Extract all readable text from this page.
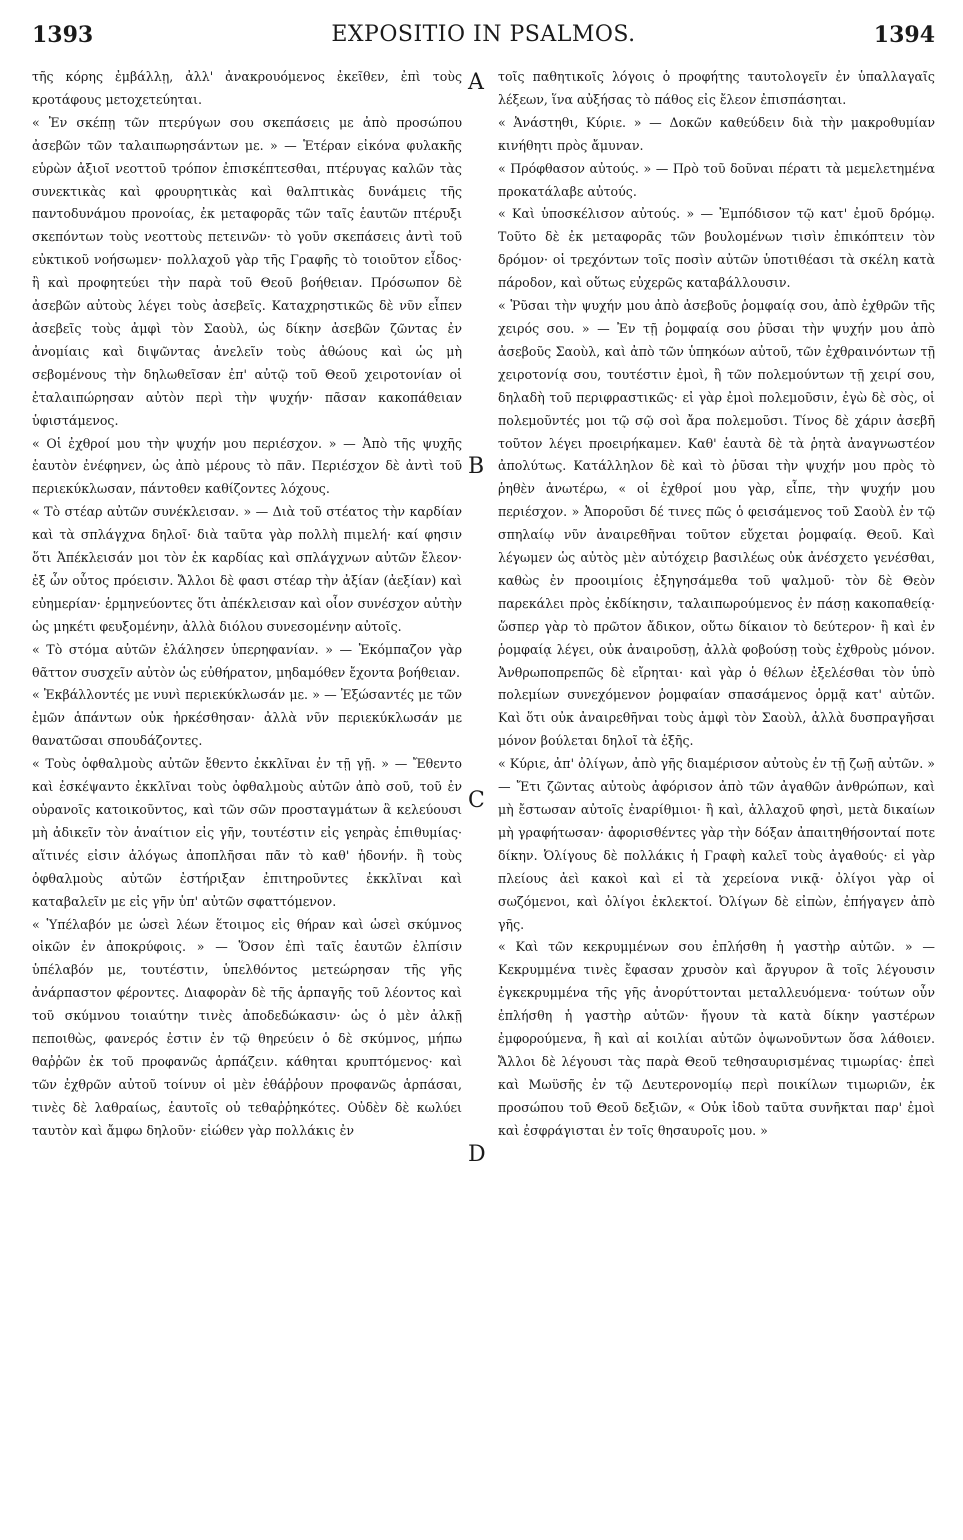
1393	EXPOSITIO IN PSALMOS.	1394

τῆς κόρης ἐμβάλλῃ, ἀλλ' ἀνακρουόμενος ἐκεῖθεν, ἐπὶ τοὺς κροτάφους μετοχετεύηται.

« Ἐν σκέπῃ τῶν πτερύγων σου σκεπάσεις με ἀπὸ προσώπου ἀσεβῶν τῶν ταλαιπωρησάντων με. » — Ἑτέραν εἰκόνα φυλακῆς εὑρὼν ἀξιοῖ νεοττοῦ τρόπον ἐπισκέπτεσθαι, πτέρυγας καλῶν τὰς συνεκτικὰς καὶ φρουρητικὰς καὶ θαλπτικὰς δυνάμεις τῆς παντοδυνάμου προνοίας, ἐκ μεταφορᾶς τῶν ταῖς ἑαυτῶν πτέρυξι σκεπόντων τοὺς νεοττοὺς πετεινῶν· τὸ γοῦν σκεπάσεις ἀντὶ τοῦ εὐκτικοῦ νοήσωμεν· πολλαχοῦ γὰρ τῆς Γραφῆς τὸ τοιοῦτον εἶδος· ἢ καὶ προφητεύει τὴν παρὰ τοῦ Θεοῦ βοήθειαν. Πρόσωπον δὲ ἀσεβῶν αὐτοὺς λέγει τοὺς ἀσεβεῖς. Καταχρηστικῶς δὲ νῦν εἶπεν ἀσεβεῖς τοὺς ἀμφὶ τὸν Σαοὺλ, ὡς δίκην ἀσεβῶν ζῶντας ἐν ἀνομίαις καὶ διψῶντας ἀνελεῖν τοὺς ἀθώους καὶ ὡς μὴ σεβομένους τὴν δηλωθεῖσαν ἐπ' αὐτῷ τοῦ Θεοῦ χειροτονίαν οἱ ἐταλαιπώρησαν αὐτὸν περὶ τὴν ψυχήν· πᾶσαν κακοπάθειαν ὑφιστάμενος.

« Οἱ ἐχθροί μου τὴν ψυχήν μου περιέσχον. » — Ἀπὸ τῆς ψυχῆς ἑαυτὸν ἐνέφηνεν, ὡς ἀπὸ μέρους τὸ πᾶν. Περιέσχον δὲ ἀντὶ τοῦ περιεκύκλωσαν, πάντοθεν καθίζοντες λόχους.

« Τὸ στέαρ αὐτῶν συνέκλεισαν. » — Διὰ τοῦ στέατος τὴν καρδίαν καὶ τὰ σπλάγχνα δηλοῖ· διὰ ταῦτα γὰρ πολλὴ πιμελή· καί φησιν ὅτι Ἀπέκλεισάν μοι τὸν ἐκ καρδίας καὶ σπλάγχνων αὐτῶν ἔλεον· ἐξ ὧν οὗτος πρόεισιν. Ἄλλοι δὲ φασι στέαρ τὴν ἀξίαν (ἀεξίαν) καὶ εὐημερίαν· ἑρμηνεύοντες ὅτι ἀπέκλεισαν καὶ οἷον συνέσχον αὐτὴν ὡς μηκέτι φευξομένην, ἀλλὰ διόλου συνεσομένην αὐτοῖς.

« Τὸ στόμα αὐτῶν ἐλάλησεν ὑπερηφανίαν. » — Ἐκόμπαζον γὰρ θᾶττον συσχεῖν αὐτὸν ὡς εὐθήρατον, μηδαμόθεν ἔχοντα βοήθειαν.

« Ἐκβάλλοντές με νυνὶ περιεκύκλωσάν με. » — Ἐξώσαντές με τῶν ἐμῶν ἁπάντων οὐκ ἠρκέσθησαν· ἀλλὰ νῦν περιεκύκλωσάν με θανατῶσαι σπουδάζοντες.

« Τοὺς ὀφθαλμοὺς αὐτῶν ἔθεντο ἐκκλῖναι ἐν τῇ γῇ. » — Ἔθεντο καὶ ἐσκέψαντο ἐκκλῖναι τοὺς ὀφθαλμοὺς αὐτῶν ἀπὸ σοῦ, τοῦ ἐν οὐρανοῖς κατοικοῦντος, καὶ τῶν σῶν προσταγμάτων ἃ κελεύουσι μὴ ἀδικεῖν τὸν ἀναίτιον εἰς γῆν, τουτέστιν εἰς γεηρὰς ἐπιθυμίας· αἵτινές εἰσιν ἀλόγως ἀποπλῆσαι πᾶν τὸ καθ' ἡδονήν. ἢ τοὺς ὀφθαλμοὺς αὐτῶν ἐστήριξαν ἐπιτηροῦντες ἐκκλῖναι καὶ καταβαλεῖν με εἰς γῆν ὑπ' αὐτῶν σφαττόμενον.

« Ὑπέλαβόν με ὡσεὶ λέων ἕτοιμος εἰς θήραν καὶ ὡσεὶ σκύμνος οἰκῶν ἐν ἀποκρύφοις. » — Ὅσον ἐπὶ ταῖς ἑαυτῶν ἐλπίσιν ὑπέλαβόν με, τουτέστιν, ὑπελθόντος μετεώρησαν τῆς γῆς ἀνάρπαστον φέροντες. Διαφορὰν δὲ τῆς ἁρπαγῆς τοῦ λέοντος καὶ τοῦ σκύμνου τοιαύτην τινὲς ἀποδεδώκασιν· ὡς ὁ μὲν ἀλκῇ πεποιθὼς, φανερός ἐστιν ἐν τῷ θηρεύειν ὁ δὲ σκύμνος, μήπω θαῤῥῶν ἐκ τοῦ προφανῶς ἁρπάζειν. κάθηται κρυπτόμενος· καὶ τῶν ἐχθρῶν αὐτοῦ τοίνυν οἱ μὲν ἐθάῤῥουν προφανῶς ἁρπάσαι, τινὲς δὲ λαθραίως, ἑαυτοῖς οὐ τεθαῤῥηκότες. Οὐδὲν δὲ κωλύει ταυτὸν καὶ ἄμφω δηλοῦν· εἰώθεν γὰρ πολλάκις ἐν

A
B
C
D

τοῖς παθητικοῖς λόγοις ὁ προφήτης ταυτολογεῖν ἐν ὑπαλλαγαῖς λέξεων, ἵνα αὐξήσας τὸ πάθος εἰς ἔλεον ἐπισπάσηται.

« Ἀνάστηθι, Κύριε. » — Δοκῶν καθεύδειν διὰ τὴν μακροθυμίαν κινήθητι πρὸς ἄμυναν.

« Πρόφθασον αὐτούς. » — Πρὸ τοῦ δοῦναι πέρατι τὰ μεμελετημένα προκατάλαβε αὐτούς.

« Καὶ ὑποσκέλισον αὐτούς. » — Ἐμπόδισον τῷ κατ' ἐμοῦ δρόμῳ. Τοῦτο δὲ ἐκ μεταφορᾶς τῶν βουλομένων τισὶν ἐπικόπτειν τὸν δρόμον· οἱ τρεχόντων τοῖς ποσὶν αὐτῶν ὑποτιθέασι τὰ σκέλη κατὰ πάροδον, καὶ οὕτως εὐχερῶς καταβάλλουσιν.

« Ῥῦσαι τὴν ψυχήν μου ἀπὸ ἀσεβοῦς ῥομφαίᾳ σου, ἀπὸ ἐχθρῶν τῆς χειρός σου. » — Ἐν τῇ ῥομφαίᾳ σου ῥῦσαι τὴν ψυχήν μου ἀπὸ ἀσεβοῦς Σαοὺλ, καὶ ἀπὸ τῶν ὑπηκόων αὐτοῦ, τῶν ἐχθραινόντων τῇ χειροτονίᾳ σου, τουτέστιν ἐμοὶ, ἢ τῶν πολεμούντων τῇ χειρί σου, δηλαδὴ τοῦ περιφραστικῶς· εἰ γὰρ ἐμοὶ πολεμοῦσιν, ἐγὼ δὲ σὸς, οἱ πολεμοῦντές μοι τῷ σῷ σοὶ ἄρα πολεμοῦσι. Τίνος δὲ χάριν ἀσεβῆ τοῦτον λέγει προειρήκαμεν. Καθ' ἑαυτὰ δὲ τὰ ῥητὰ ἀναγνωστέον ἀπολύτως. Κατάλληλον δὲ καὶ τὸ ῥῦσαι τὴν ψυχήν μου πρὸς τὸ ῥηθὲν ἀνωτέρω, « οἱ ἐχθροί μου γὰρ, εἶπε, τὴν ψυχήν μου περιέσχον. » Ἀποροῦσι δέ τινες πῶς ὁ φεισάμενος τοῦ Σαοὺλ ἐν τῷ σπηλαίῳ νῦν ἀναιρεθῆναι τοῦτον εὔχεται ῥομφαίᾳ. Θεοῦ. Καὶ λέγωμεν ὡς αὐτὸς μὲν αὐτόχειρ βασιλέως οὐκ ἀνέσχετο γενέσθαι, καθὼς ἐν προοιμίοις ἐξηγησάμεθα τοῦ ψαλμοῦ· τὸν δὲ Θεὸν παρεκάλει πρὸς ἐκδίκησιν, ταλαιπωρούμενος ἐν πάσῃ κακοπαθείᾳ· ὥσπερ γὰρ τὸ πρῶτον ἄδικον, οὕτω δίκαιον τὸ δεύτερον· ἢ καὶ ἐν ῥομφαίᾳ λέγει, οὐκ ἀναιροῦσῃ, ἀλλὰ φοβούσῃ τοὺς ἐχθροὺς μόνον. Ἀνθρωποπρεπῶς δὲ εἴρηται· καὶ γὰρ ὁ θέλων ἐξελέσθαι τὸν ὑπὸ πολεμίων συνεχόμενον ῥομφαίαν σπασάμενος ὁρμᾷ κατ' αὐτῶν. Καὶ ὅτι οὐκ ἀναιρεθῆναι τοὺς ἀμφὶ τὸν Σαοὺλ, ἀλλὰ δυσπραγῆσαι μόνον βούλεται δηλοῖ τὰ ἑξῆς.

« Κύριε, ἀπ' ὀλίγων, ἀπὸ γῆς διαμέρισον αὐτοὺς ἐν τῇ ζωῇ αὐτῶν. » — Ἔτι ζῶντας αὐτοὺς ἀφόρισον ἀπὸ τῶν ἀγαθῶν ἀνθρώπων, καὶ μὴ ἔστωσαν αὐτοῖς ἐναρίθμιοι· ἢ καὶ, ἀλλαχοῦ φησὶ, μετὰ δικαίων μὴ γραφήτωσαν· ἀφορισθέντες γὰρ τὴν δόξαν ἀπαιτηθήσονταί ποτε δίκην. Ὀλίγους δὲ πολλάκις ἡ Γραφὴ καλεῖ τοὺς ἀγαθούς· εἰ γὰρ πλείους ἀεὶ κακοὶ καὶ εἰ τὰ χερείονα νικᾷ· ὀλίγοι γὰρ οἱ σωζόμενοι, καὶ ὀλίγοι ἐκλεκτοί. Ὀλίγων δὲ εἰπὼν, ἐπήγαγεν ἀπὸ γῆς.

« Καὶ τῶν κεκρυμμένων σου ἐπλήσθη ἡ γαστὴρ αὐτῶν. » — Κεκρυμμένα τινὲς ἔφασαν χρυσὸν καὶ ἄργυρον ἃ τοῖς λέγουσιν ἐγκεκρυμμένα τῆς γῆς ἀνορύττονται μεταλλευόμενα· τούτων οὖν ἐπλήσθη ἡ γαστὴρ αὐτῶν· ἤγουν τὰ κατὰ δίκην γαστέρων ἐμφορούμενα, ἢ καὶ αἱ κοιλίαι αὐτῶν ὀψωνοῦντων ὅσα λάθοιεν. Ἄλλοι δὲ λέγουσι τὰς παρὰ Θεοῦ τεθησαυρισμένας τιμωρίας· ἐπεὶ καὶ Μωϋσῆς ἐν τῷ Δευτερονομίῳ περὶ ποικίλων τιμωριῶν, ἐκ προσώπου τοῦ Θεοῦ δεξιῶν, « Οὐκ ἰδοὺ ταῦτα συνῆκται παρ' ἐμοὶ καὶ ἐσφράγισται ἐν τοῖς θησαυροῖς μου. »
